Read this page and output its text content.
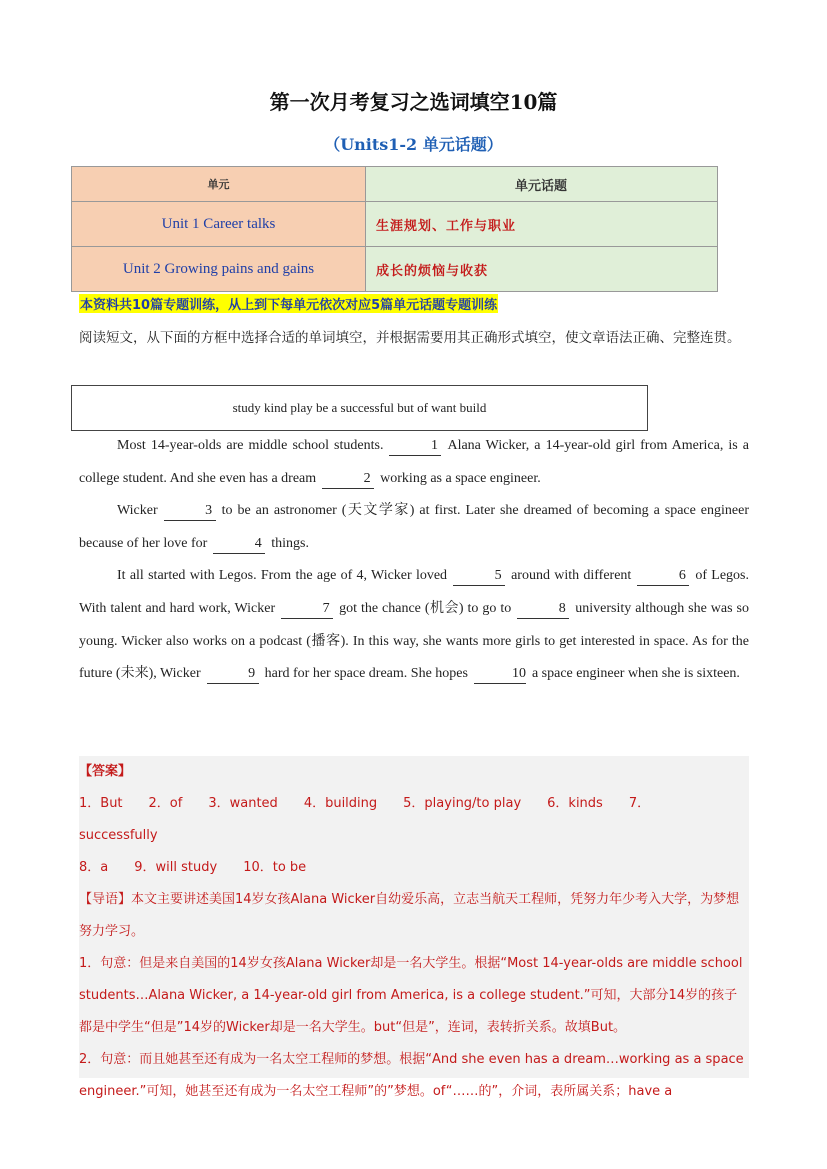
第一次月考复习之选词填空10篇
（Units1-2 单元话题）
单元	单元话题
Unit 1 Career talks	生涯规划、工作与职业
Unit 2 Growing pains and gains	成长的烦恼与收获
本资料共10篇专题训练，从上到下每单元依次对应5篇单元话题专题训练
阅读短文，从下面的方框中选择合适的单词填空，并根据需要用其正确形式填空，使文章语法正确、完整连贯。
study kind play be a successful but of want build

Most 14-year-olds are middle school students.	1 Alana Wicker, a 14-year-old girl from America, is a college student. And she even has a dream	2 working as a space engineer.

Wicker	3 to be an astronomer (天文学家) at first. Later she dreamed of becoming a space engineer because of her love for	4 things.

It all started with Legos. From the age of 4, Wicker loved	5 around with different	6 of Legos. With talent and hard work, Wicker	7 got the chance (机会) to go to	8 university although she was so young. Wicker also works on a podcast (播客). In this way, she wants more girls to get interested in space. As for the future (未来), Wicker	9 hard for her space dream. She hopes	10 a space engineer when she is sixteen.

【答案】
1．But 2．of 3．wanted 4．building 5．playing/to play 6．kinds 7．successfully
8．a 9．will study 10．to be

【导语】本文主要讲述美国14岁女孩Alana Wicker自幼爱乐高，立志当航天工程师，凭努力年少考入大学，为梦想努力学习。

1．句意：但是来自美国的14岁女孩Alana Wicker却是一名大学生。根据“Most 14-year-olds are middle school students…Alana Wicker, a 14-year-old girl from America, is a college student.”可知，大部分14岁的孩子都是中学生“但是”14岁的Wicker却是一名大学生。but“但是”，连词，表转折关系。故填But。

2．句意：而且她甚至还有成为一名太空工程师的梦想。根据“And she even has a dream…working as a space engineer.”可知，她甚至还有成为一名太空工程师”的”梦想。of“……的”，介词，表所属关系；have a
